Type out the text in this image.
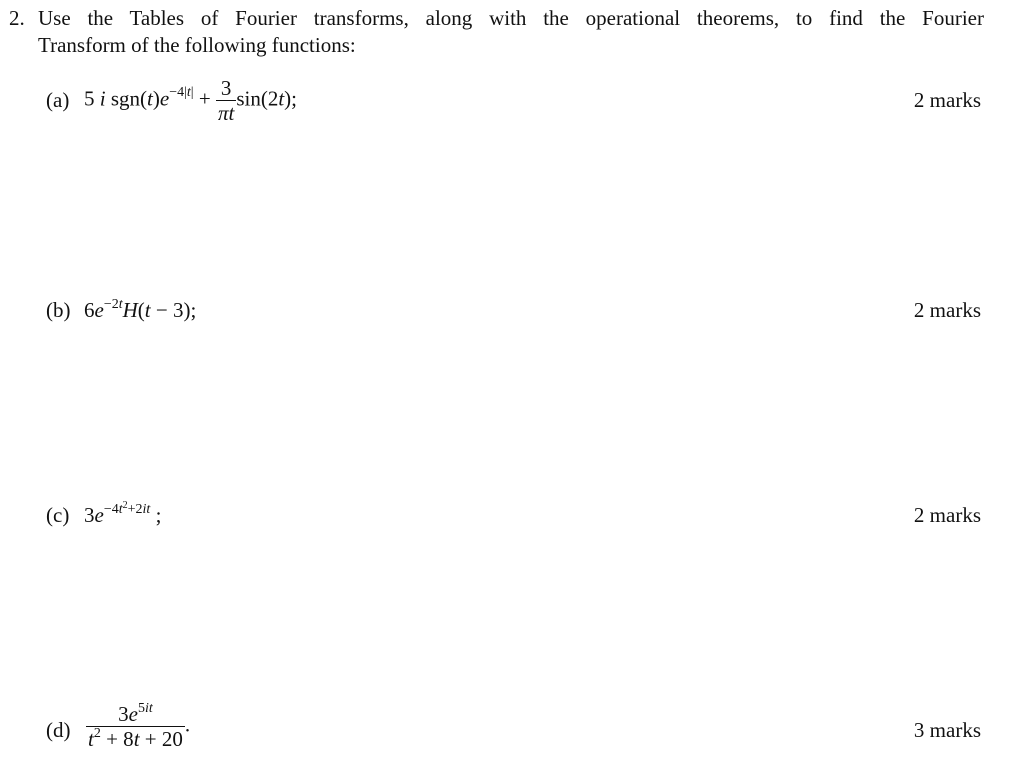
2. Use the Tables of Fourier transforms, along with the operational theorems, to find the Fourier
Transform of the following functions:
(a) 5 i $sgn(t)e^{-4|t|} + \frac{3}{\pi t} \sin(2t)$;	2 marks
(b) $6e^{-2t}H(t - 3)$;	2 marks
(c) $3e^{-4t^2+2it}$ ;	2 marks
$(d) \frac{3e^{5it}}{t^2 + 8t + 20}$ .	3 marks
